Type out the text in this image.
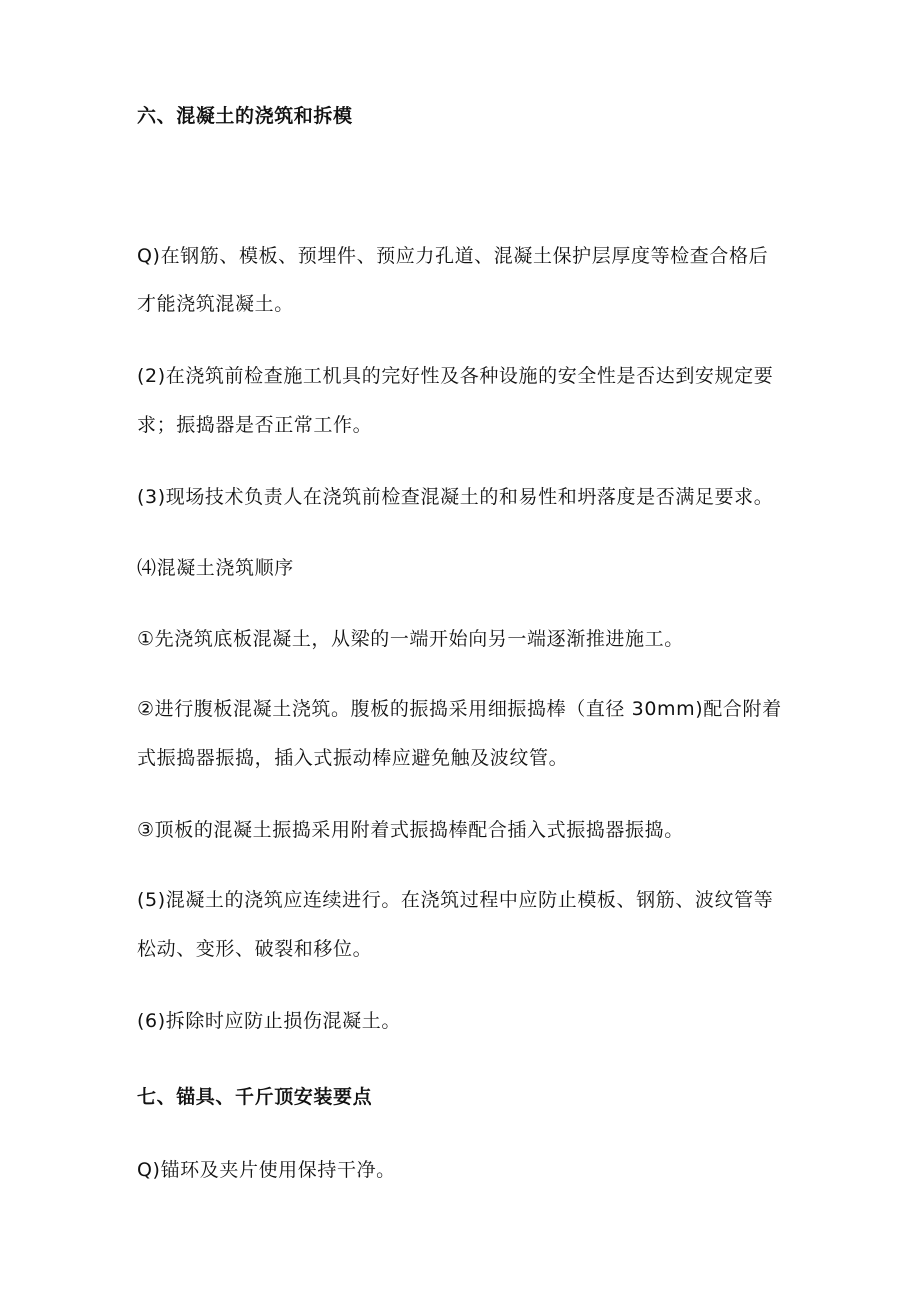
六、混凝土的浇筑和拆模
Q)在钢筋、模板、预埋件、预应力孔道、混凝土保护层厚度等检查合格后
才能浇筑混凝土。
(2)在浇筑前检查施工机具的完好性及各种设施的安全性是否达到安规定要
求；振捣器是否正常工作。
(3)现场技术负责人在浇筑前检查混凝土的和易性和坍落度是否满足要求。
⑷混凝土浇筑顺序
①先浇筑底板混凝土，从梁的一端开始向另一端逐渐推进施工。
②进行腹板混凝土浇筑。腹板的振捣采用细振捣棒（直径 30mm)配合附着
式振捣器振捣，插入式振动棒应避免触及波纹管。
③顶板的混凝土振捣采用附着式振捣棒配合插入式振捣器振捣。
(5)混凝土的浇筑应连续进行。在浇筑过程中应防止模板、钢筋、波纹管等
松动、变形、破裂和移位。
(6)拆除时应防止损伤混凝土。
七、锚具、千斤顶安装要点
Q)锚环及夹片使用保持干净。
